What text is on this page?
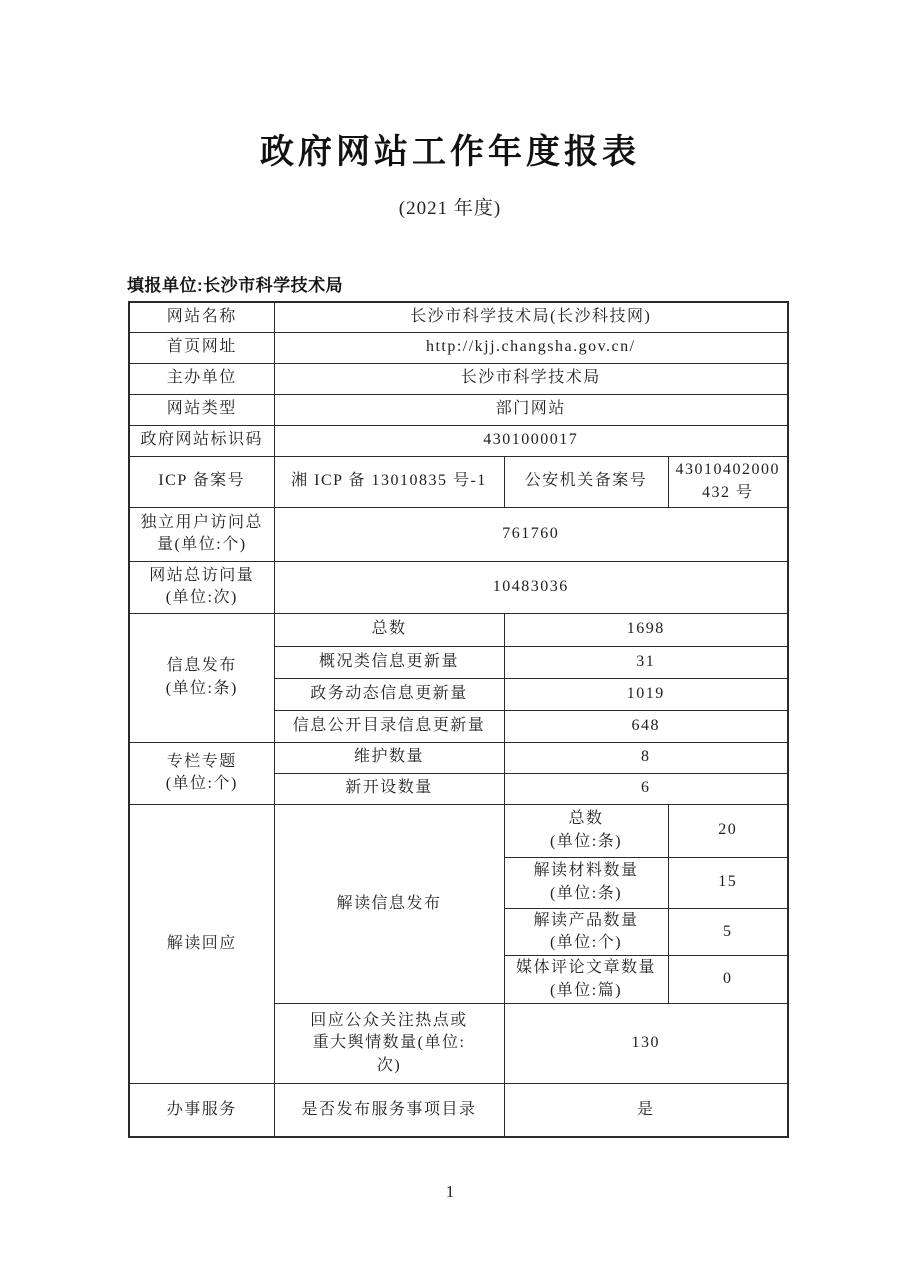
政府网站工作年度报表
(2021 年度)
填报单位:长沙市科学技术局
网站名称	长沙市科学技术局(长沙科技网)		
首页网址	http://kjj.changsha.gov.cn/		
主办单位	长沙市科学技术局		
网站类型	部门网站		
政府网站标识码	4301000017		
ICP 备案号	湘 ICP 备 13010835 号-1	公安机关备案号	43010402000
432 号

独立用户访问总
量(单位:个)	761760		

网站总访问量
(单位:次)	10483036		

信息发布
(单位:条)	总数	1698	
	概况类信息更新量	31	
	政务动态信息更新量	1019	
	信息公开目录信息更新量	648	

专栏专题
(单位:个)	维护数量	8	
	新开设数量	6	
解读回应	解读信息发布	总数
(单位:条)	20

		解读材料数量
(单位:条)	15

		解读产品数量
(单位:个)	5

		媒体评论文章数量
(单位:篇)	0

	回应公众关注热点或
重大舆情数量(单位:
次)	130	
办事服务	是否发布服务事项目录	是	
1
